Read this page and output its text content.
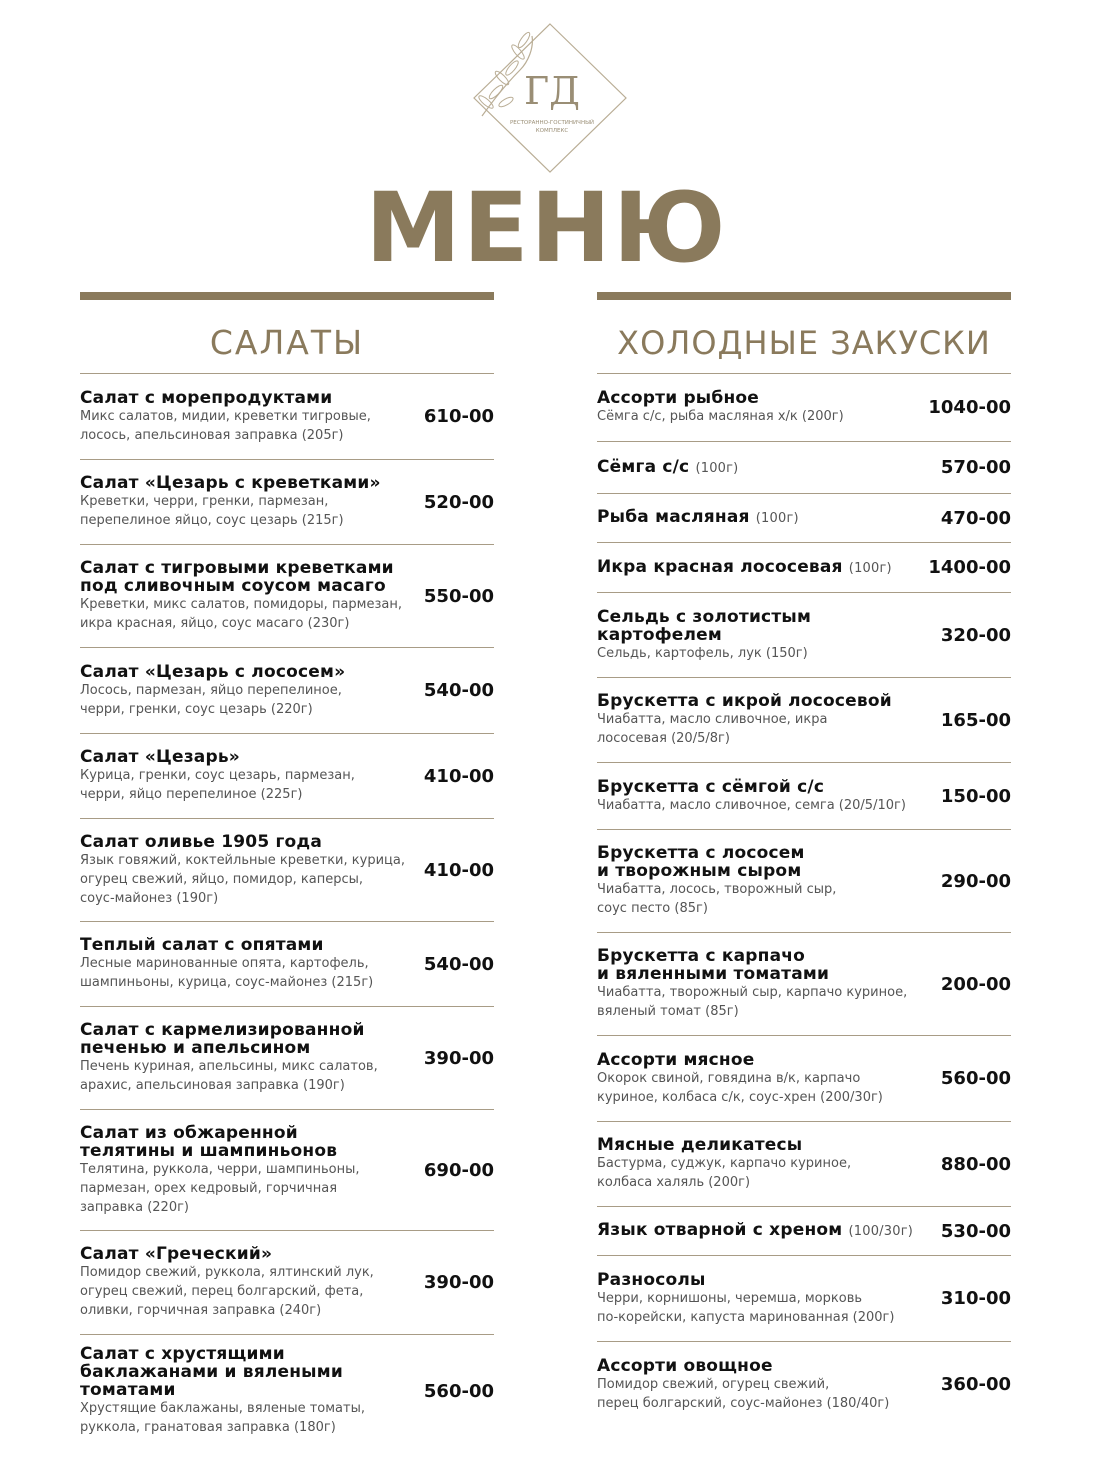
ГД
РЕСТОРАННО-ГОСТИНИЧНЫЙ
КОМПЛЕКС
МЕНЮ
САЛАТЫ
Салат с морепродуктами
Микс салатов, мидии, креветки тигровые,
лосось, апельсиновая заправка (205г)
610-00
Салат «Цезарь с креветками»
Креветки, черри, гренки, пармезан,
перепелиное яйцо, соус цезарь (215г)
520-00
Салат с тигровыми креветками
под сливочным соусом масаго
Креветки, микс салатов, помидоры, пармезан,
икра красная, яйцо, соус масаго (230г)
550-00
Салат «Цезарь с лососем»
Лосось, пармезан, яйцо перепелиное,
черри, гренки, соус цезарь (220г)
540-00
Салат «Цезарь»
Курица, гренки, соус цезарь, пармезан,
черри, яйцо перепелиное (225г)
410-00
Салат оливье 1905 года
Язык говяжий, коктейльные креветки, курица,
огурец свежий, яйцо, помидор, каперсы,
соус-майонез (190г)
410-00
Теплый салат с опятами
Лесные маринованные опята, картофель,
шампиньоны, курица, соус-майонез (215г)
540-00
Салат с кармелизированной
печенью и апельсином
Печень куриная, апельсины, микс салатов,
арахис, апельсиновая заправка (190г)
390-00
Салат из обжаренной
телятины и шампиньонов
Телятина, руккола, черри, шампиньоны,
пармезан, орех кедровый, горчичная
заправка (220г)
690-00
Салат «Греческий»
Помидор свежий, руккола, ялтинский лук,
огурец свежий, перец болгарский, фета,
оливки, горчичная заправка (240г)
390-00
Салат с хрустящими
баклажанами и вялеными
томатами
Хрустящие баклажаны, вяленые томаты,
руккола, гранатовая заправка (180г)
560-00
ХОЛОДНЫЕ ЗАКУСКИ
Ассорти рыбное
Сёмга с/с, рыба масляная х/к (200г)	1040-00
Сёмга с/с (100г)	570-00
Рыба масляная (100г)	470-00
Икра красная лососевая (100г)	1400-00
Сельдь с золотистым
картофелем
Сельдь, картофель, лук (150г)
320-00
Брускетта с икрой лососевой
Чиабатта, масло сливочное, икра
лососевая (20/5/8г)
165-00
Брускетта с сёмгой с/с
Чиабатта, масло сливочное, семга (20/5/10г)	150-00
Брускетта с лососем
и творожным сыром
Чиабатта, лосось, творожный сыр,
соус песто (85г)
290-00
Брускетта с карпачо
и вяленными томатами
Чиабатта, творожный сыр, карпачо куриное,
вяленый томат (85г)
200-00
Ассорти мясное
Окорок свиной, говядина в/к, карпачо
куриное, колбаса с/к, соус-хрен (200/30г)
560-00
Мясные деликатесы
Бастурма, суджук, карпачо куриное,
колбаса халяль (200г)
880-00
Язык отварной с хреном (100/30г)	530-00
Разносолы
Черри, корнишоны, черемша, морковь
по-корейски, капуста маринованная (200г)
310-00
Ассорти овощное
Помидор свежий, огурец свежий,
перец болгарский, соус-майонез (180/40г)
360-00
